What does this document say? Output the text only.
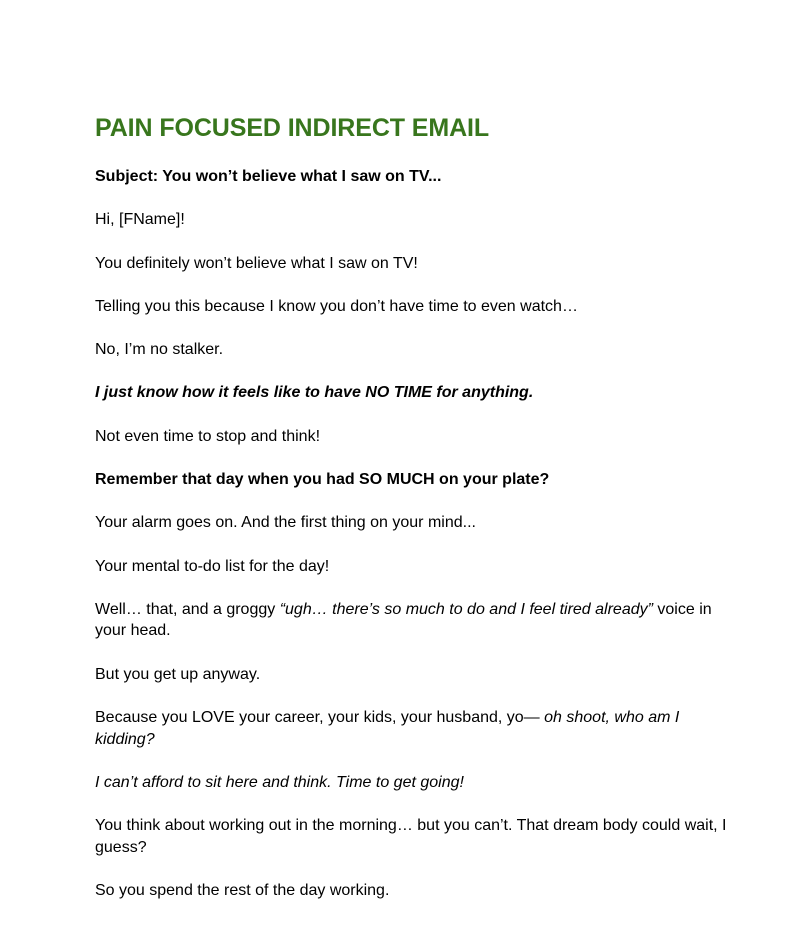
PAIN FOCUSED INDIRECT EMAIL

Subject: You won’t believe what I saw on TV...

Hi, [FName]!

You definitely won’t believe what I saw on TV!

Telling you this because I know you don’t have time to even watch…

No, I’m no stalker.

I just know how it feels like to have NO TIME for anything.

Not even time to stop and think!

Remember that day when you had SO MUCH on your plate?

Your alarm goes on. And the first thing on your mind...

Your mental to-do list for the day!

Well… that, and a groggy “ugh… there’s so much to do and I feel tired already” voice in your head.

But you get up anyway.

Because you LOVE your career, your kids, your husband, yo— oh shoot, who am I kidding?

I can’t afford to sit here and think. Time to get going!

You think about working out in the morning… but you can’t. That dream body could wait, I guess?

So you spend the rest of the day working.
